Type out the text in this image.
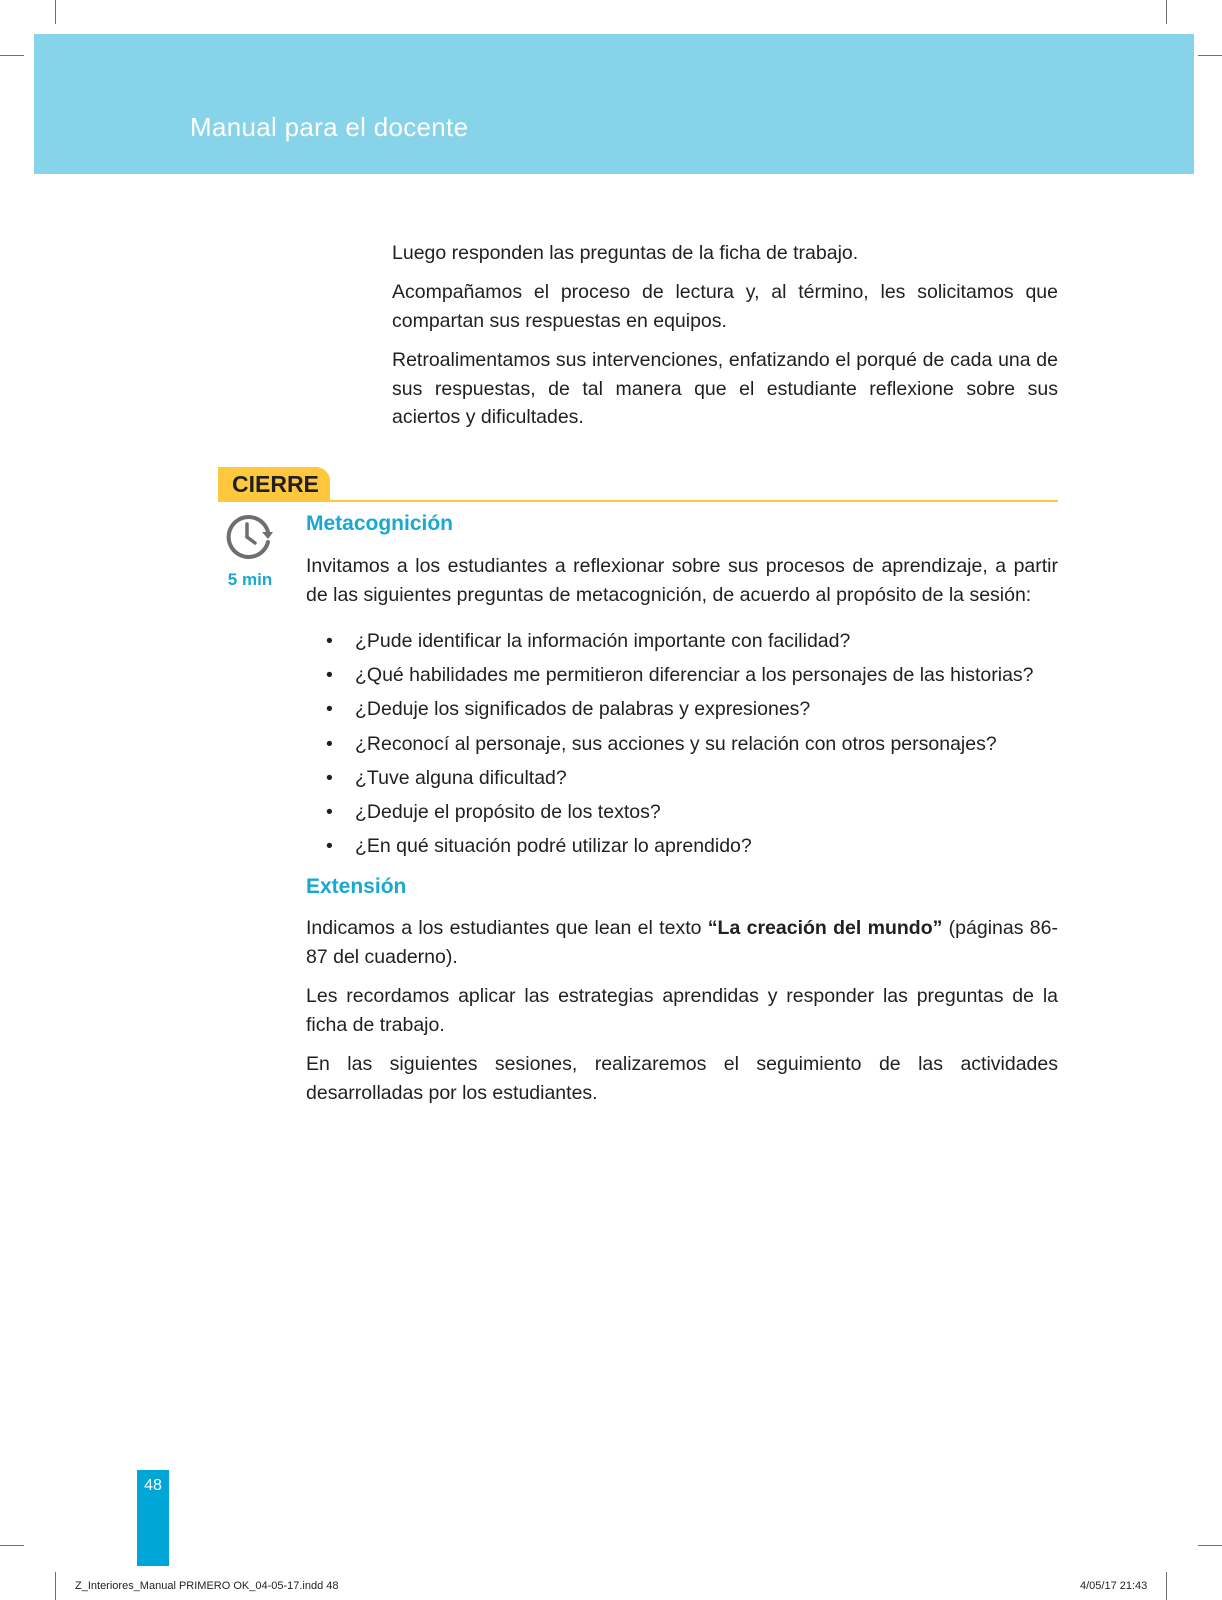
Manual para el docente

Luego responden las preguntas de la ficha de trabajo.

Acompañamos el proceso de lectura y, al término, les solicitamos que compartan sus respuestas en equipos.

Retroalimentamos sus intervenciones, enfatizando el porqué de cada una de sus respuestas, de tal manera que el estudiante reflexione sobre sus aciertos y dificultades.

CIERRE
5 min
Metacognición

Invitamos a los estudiantes a reflexionar sobre sus procesos de aprendizaje, a partir de las siguientes preguntas de metacognición, de acuerdo al propósito de la sesión:

• ¿Pude identificar la información importante con facilidad?
• ¿Qué habilidades me permitieron diferenciar a los personajes de las historias?
• ¿Deduje los significados de palabras y expresiones?
• ¿Reconocí al personaje, sus acciones y su relación con otros personajes?
• ¿Tuve alguna dificultad?
• ¿Deduje el propósito de los textos?
• ¿En qué situación podré utilizar lo aprendido?
Extensión

Indicamos a los estudiantes que lean el texto “La creación del mundo” (páginas 86-87 del cuaderno).

Les recordamos aplicar las estrategias aprendidas y responder las preguntas de la ficha de trabajo.

En las siguientes sesiones, realizaremos el seguimiento de las actividades desarrolladas por los estudiantes.

48
Z_Interiores_Manual PRIMERO OK_04-05-17.indd 48	4/05/17 21:43
